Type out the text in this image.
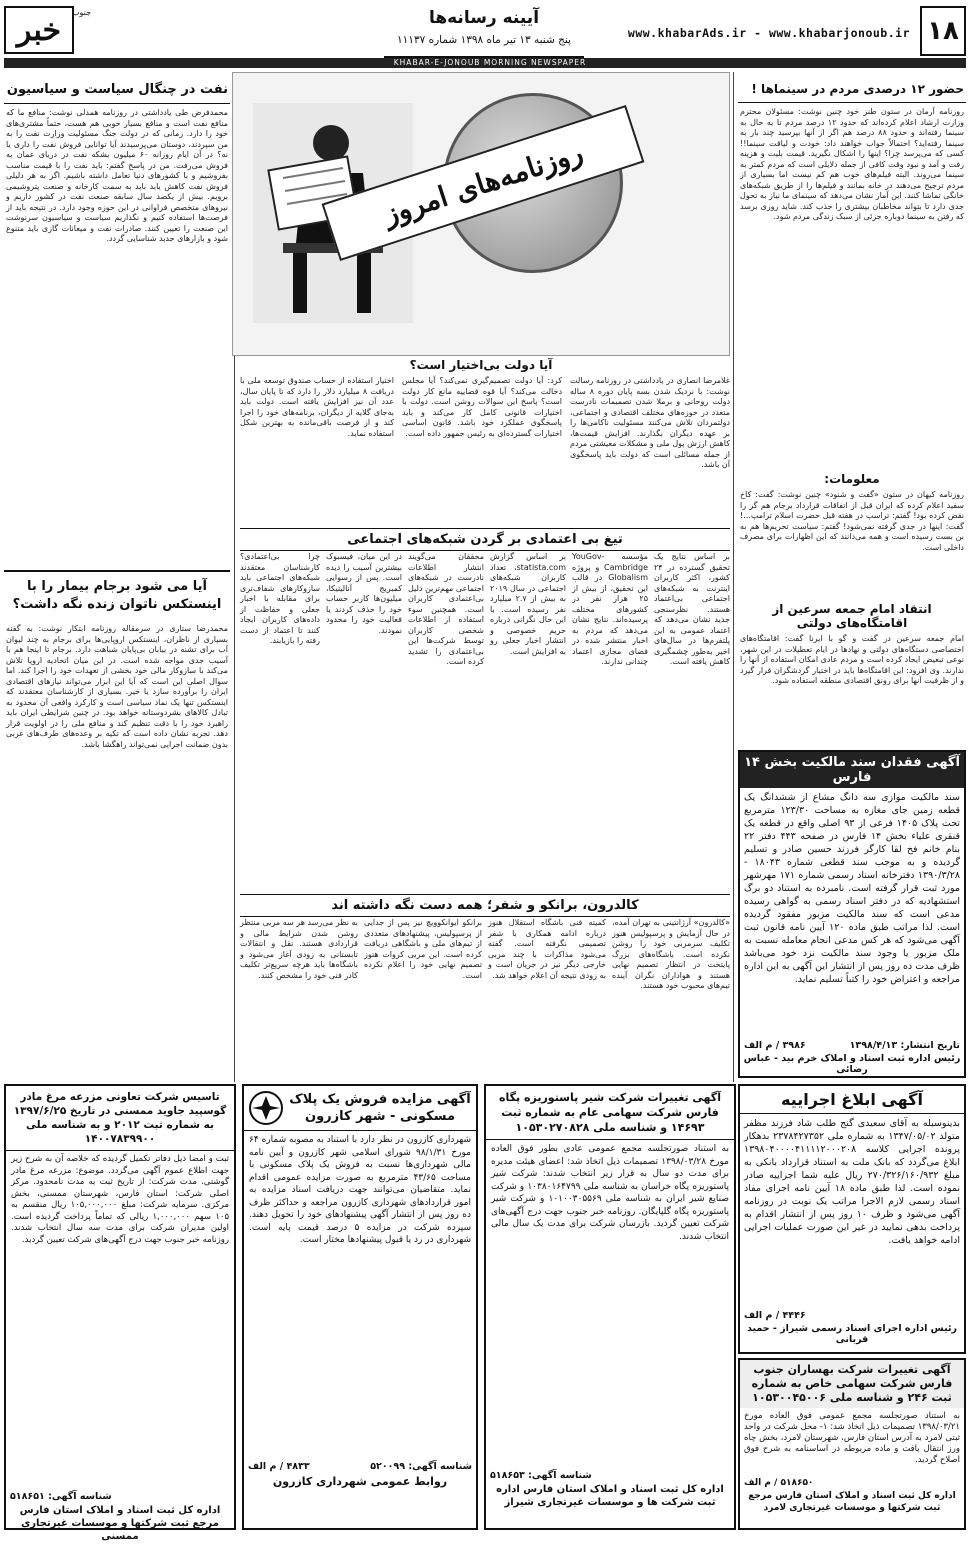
۱۸
www.khabarAds.ir - www.khabarjonoub.ir
آیینه رسانه‌ها
پنج شنبه ۱۳ تیر ماه ۱۳۹۸ شماره ۱۱۱۳۷
خبر	جنوب
KHABAR-E-JONOUB MORNING NEWSPAPER
حضور ۱۲ درصدی مردم در سینماها !
روزنامه آرمان در ستون طنز خود چنین نوشت: مسئولان محترم وزارت ارشاد اعلام کرده‌اند که حدود ۱۲ درصد مردم تا به حال به سینما رفته‌اند و حدود ۸۸ درصد هم اگر از آنها بپرسید چند بار به سینما رفته‌اید؟ احتمالاً جواب خواهند داد: خودت و لیاقت سینما!! کسی که می‌پرسد چرا؟ اینها را اشکال نگیرید. قیمت بلیت و هزینه رفت و آمد و نبود وقت کافی از جمله دلایلی است که مردم کمتر به سینما می‌روند. البته فیلم‌های خوب هم کم نیست اما بسیاری از مردم ترجیح می‌دهند در خانه بمانند و فیلم‌ها را از طریق شبکه‌های خانگی تماشا کنند. این آمار نشان می‌دهد که سینمای ما نیاز به تحول جدی دارد تا بتواند مخاطبان بیشتری را جذب کند. شاید روزی برسد که رفتن به سینما دوباره جزئی از سبک زندگی مردم شود.
معلومات:
روزنامه کیهان در ستون «گفت و شنود» چنین نوشت: گفت: کاخ سفید اعلام کرده که ایران قبل از اتفاقات قرارداد برجام هم گر را نقض کرده بود! گفتم: تراسپ در هفته قبل حضرت اسلام ترامپ...! گفت: اینها در جدی گرفته نمی‌شود! گفتم: سیاست تحریم‌ها هم به بن بست رسیده است و همه می‌دانند که این اظهارات برای مصرف داخلی است.
انتقاد امام جمعه سرعین از اقامتگاه‌های دولتی
امام جمعه سرعین در گفت و گو با ایرنا گفت: اقامتگاه‌های اختصاصی دستگاه‌های دولتی و نهادها در ایام تعطیلات در این شهر، نوعی تبعیض ایجاد کرده است و مردم عادی امکان استفاده از آنها را ندارند. وی افزود: این اقامتگاه‌ها باید در اختیار گردشگران قرار گیرد و از ظرفیت آنها برای رونق اقتصادی منطقه استفاده شود.
آگهی فقدان سند مالکیت بخش ۱۴ فارس
سند مالکیت موازی سه دانگ مشاع از ششدانگ یک قطعه زمین جای مغازه به مساحت ۱۲۳/۳۰ مترمربع تحت پلاک ۱۴۰۵ فرعی از ۹۳ اصلی واقع در قطعه یک قنقری علیاء بخش ۱۴ فارس در صفحه ۴۴۳ دفتر ۲۲ بنام خانم فخ لقا کارگر فرزند حسین صادر و تسلیم گردیده و به موجب سند قطعی شماره ۱۸۰۴۳ - ۱۳۹۰/۳/۲۸ دفترخانه اسناد رسمی شماره ۱۷۱ مهرشهر مورد ثبت قرار گرفته است. نامبرده به استناد دو برگ استشهادیه که در دفتر اسناد رسمی به گواهی رسیده مدعی است که سند مالکیت مزبور مفقود گردیده است. لذا مراتب طبق ماده ۱۲۰ آیین نامه قانون ثبت آگهی می‌شود که هر کس مدعی انجام معامله نسبت به ملک مزبور یا وجود سند مالکیت نزد خود می‌باشد ظرف مدت ده روز پس از انتشار این آگهی به این اداره مراجعه و اعتراض خود را کتباً تسلیم نماید.
تاریخ انتشار: ۱۳۹۸/۴/۱۳
۳۹۸۶ / م الف
رئیس اداره ثبت اسناد و املاک خرم بید - عباس رضائی
آگهی ابلاغ اجراییه
بدینوسیله به آقای سعیدی گنج طلب شاد فرزند مظفر متولد ۱۳۴۷/۰۵/۰۲ به شماره ملی ۲۳۷۸۴۲۷۳۵۲ بدهکار پرونده اجرایی کلاسه ۱۳۹۸۰۴۰۰۰۰۴۱۱۱۱۲۰۰۰۲۰۸ ابلاغ می‌گردد که بانک ملت به استناد قرارداد بانکی به مبلغ ۲۷۰/۳۲۶/۱۶۰/۹۳۲ ریال علیه شما اجراییه صادر نموده است. لذا طبق ماده ۱۸ آیین نامه اجرای مفاد اسناد رسمی لازم الاجرا مراتب یک نوبت در روزنامه آگهی می‌شود و ظرف ۱۰ روز پس از انتشار اقدام به پرداخت بدهی نمایید در غیر این صورت عملیات اجرایی ادامه خواهد یافت.
۴۴۴۶ / م الف
رئیس اداره اجرای اسناد رسمی شیراز - حمید قربانی
آگهی تغییرات شرکت بهساران جنوب فارس شرکت سهامی خاص به شماره ثبت ۲۴۶ و شناسه ملی ۱۰۵۳۰۰۴۵۰۰۶
به استناد صورتجلسه مجمع عمومی فوق العاده مورخ ۱۳۹۸/۰۳/۲۱ تصمیمات ذیل اتخاذ شد: ۱- محل شرکت در واحد ثبتی لامرد به آدرس استان فارس، شهرستان لامرد، بخش چاه ورز انتقال یافت و ماده مربوطه در اساسنامه به شرح فوق اصلاح گردید.
۵۱۸۶۵۰ / م الف
اداره کل ثبت اسناد و املاک استان فارس مرجع ثبت شرکتها و موسسات غیرتجاری لامرد
روزنامه‌های امروز
آیا دولت بی‌اختیار است؟
غلامرضا انصاری در یادداشتی در روزنامه رسالت نوشت: با نزدیک شدن بسه پایان دوره ۸ ساله دولت روحانی و برملا شدن تصمیمات نادرست متعدد در حوزه‌های مختلف اقتصادی و اجتماعی، دولتمردان تلاش می‌کنند مسئولیت ناکامی‌ها را بر عهده دیگران بگذارند. افزایش قیمت‌ها، کاهش ارزش پول ملی و مشکلات معیشتی مردم از جمله مسائلی است که دولت باید پاسخگوی آن باشد.
کرد: آیا دولت تصمیم‌گیری نمی‌کند؟ آیا مجلس دخالت می‌کند؟ آیا قوه قضاییه مانع کار دولت است؟ پاسخ این سوالات روشن است. دولت با اختیارات قانونی کامل کار می‌کند و باید پاسخگوی عملکرد خود باشد. قانون اساسی اختیارات گسترده‌ای به رئیس جمهور داده است.
اختیار استفاده از حساب صندوق توسعه ملی با دریافت ۸ میلیارد دلار را دارد که تا پایان سال، عدد آن نیز افزایش یافته است. دولت باید به‌جای گلایه از دیگران، برنامه‌های خود را اجرا کند و از فرصت باقی‌مانده به بهترین شکل استفاده نماید.
تیغ بی اعتمادی بر گردن شبکه‌های اجتماعی
بر اساس نتایج یک تحقیق گسترده در ۲۴ کشور، اکثر کاربران اینترنت به شبکه‌های اجتماعی بی‌اعتماد هستند. نظرسنجی جدید نشان می‌دهد که اعتماد عمومی به این پلتفرم‌ها در سال‌های اخیر به‌طور چشمگیری کاهش یافته است.
مؤسسه YouGov-Cambridge و پروژه Globalism در قالب این تحقیق، از بیش از ۲۵ هزار نفر در کشورهای مختلف پرسیده‌اند. نتایج نشان می‌دهد که مردم به اخبار منتشر شده در فضای مجازی اعتماد چندانی ندارند.
بر اساس گزارش statista.com، تعداد کاربران شبکه‌های اجتماعی در سال ۲۰۱۹ به بیش از ۲.۷ میلیارد نفر رسیده است. با این حال نگرانی درباره حریم خصوصی و انتشار اخبار جعلی رو به افزایش است.
محققان می‌گویند انتشار اطلاعات نادرست در شبکه‌های اجتماعی مهم‌ترین دلیل بی‌اعتمادی کاربران است. همچنین سوء استفاده از اطلاعات شخصی کاربران توسط شرکت‌ها این بی‌اعتمادی را تشدید کرده است.
در این میان، فیسبوک بیشترین آسیب را دیده است. پس از رسوایی کمبریج آنالیتیکا، میلیون‌ها کاربر حساب خود را حذف کردند یا فعالیت خود را محدود نمودند.
چرا بی‌اعتمادی؟ کارشناسان معتقدند شبکه‌های اجتماعی باید سازوکارهای شفاف‌تری برای مقابله با اخبار جعلی و حفاظت از داده‌های کاربران ایجاد کنند تا اعتماد از دست رفته را بازیابند.
کالدرون، برانکو و شفر؛ همه دست نگه داشته اند
«کالدرون» آرژانتینی به تهران آمده، در حال آزمایش و پرسپولیس هنوز تکلیف سرمربی خود را روشن نکرده است. باشگاه‌های بزرگ پایتخت در انتظار تصمیم نهایی هستند و هواداران نگران آینده تیم‌های محبوب خود هستند.
کمیته فنی باشگاه استقلال هنوز درباره ادامه همکاری با شفر تصمیمی نگرفته است. گفته می‌شود مذاکرات با چند مربی خارجی دیگر نیز در جریان است و به زودی نتیجه آن اعلام خواهد شد.
برانکو ایوانکوویچ نیز پس از جدایی از پرسپولیس، پیشنهادهای متعددی از تیم‌های ملی و باشگاهی دریافت کرده است. این مربی کروات هنوز تصمیم نهایی خود را اعلام نکرده است.
به نظر می‌رسد هر سه مربی منتظر روشن شدن شرایط مالی و قراردادی هستند. نقل و انتقالات تابستانی به زودی آغاز می‌شود و باشگاه‌ها باید هرچه سریع‌تر تکلیف کادر فنی خود را مشخص کنند.
نفت در چنگال سیاست و سیاسیون
محمدفرض طی یادداشتی در روزنامه همدلی نوشت: منافع ما که منافع نفت است و منافع بسیار خوبی هم هست، حتماً مشتری‌های خود را دارد. زمانی که در دولت جنگ مسئولیت وزارت نفت را به من سپردند، دوستان می‌پرسیدند آیا توانایی فروش نفت را داری یا نه؟ در آن ایام روزانه ۶۰ میلیون بشکه نفت در دریای عمان به فروش می‌رفت. من در پاسخ گفتم: باید نفت را با قیمت مناسب بفروشیم و با کشورهای دنیا تعامل داشته باشیم. اگر به هر دلیلی فروش نفت کاهش یابد باید به سمت کارخانه و صنعت پتروشیمی برویم. بیش از یکصد سال سابقه صنعت نفت در کشور داریم و نیروهای متخصص فراوانی در این حوزه وجود دارد. در نتیجه باید از فرصت‌ها استفاده کنیم و نگذاریم سیاست و سیاسیون سرنوشت این صنعت را تعیین کنند. صادرات نفت و میعانات گازی باید متنوع شود و بازارهای جدید شناسایی گردد.
آیا می شود برجام بیمار را با اینستکس ناتوان زنده نگه داشت؟
محمدرضا ستاری در سرمقاله روزنامه ابتکار نوشت: به گفته بسیاری از ناظران، اینستکس اروپایی‌ها برای برجام به چند لیوان آب برای تشنه در بیابان بی‌پایان شباهت دارد. برجام تا اینجا هم با آسیب جدی مواجه شده است. در این میان اتحادیه اروپا تلاش می‌کند با سازوکار مالی خود بخشی از تعهدات خود را اجرا کند. اما سوال اصلی این است که آیا این ابزار می‌تواند نیازهای اقتصادی ایران را برآورده سازد یا خیر. بسیاری از کارشناسان معتقدند که اینستکس تنها یک نماد سیاسی است و کارکرد واقعی آن محدود به تبادل کالاهای بشردوستانه خواهد بود. در چنین شرایطی ایران باید راهبرد خود را با دقت تنظیم کند و منافع ملی را در اولویت قرار دهد. تجربه نشان داده است که تکیه بر وعده‌های طرف‌های غربی بدون ضمانت اجرایی نمی‌تواند راهگشا باشد.
آگهی تغییرات شرکت شیر پاستوریزه پگاه فارس شرکت سهامی عام به شماره ثبت ۱۴۶۹۳ و شناسه ملی ۱۰۵۳۰۲۷۰۸۲۸
به استناد صورتجلسه مجمع عمومی عادی بطور فوق العاده مورخ ۱۳۹۸/۰۳/۲۸ تصمیمات ذیل اتخاذ شد: اعضای هیئت مدیره برای مدت دو سال به قرار زیر انتخاب شدند: شرکت شیر پاستوریزه پگاه خراسان به شناسه ملی ۱۰۳۸۰۱۶۴۷۹۹ و شرکت صنایع شیر ایران به شناسه ملی ۱۰۱۰۰۳۰۵۵۶۹ و شرکت شیر پاستوریزه پگاه گلپایگان. روزنامه خبر جنوب جهت درج آگهی‌های شرکت تعیین گردید. بازرسان شرکت برای مدت یک سال مالی انتخاب شدند.
شناسه آگهی: ۵۱۸۶۵۳
اداره کل ثبت اسناد و املاک استان فارس اداره ثبت شرکت ها و موسسات غیرتجاری شیراز
آگهی مزایده فروش یک پلاک مسکونی - شهر کازرون
شهرداری کازرون در نظر دارد با استناد به مصوبه شماره ۶۴ مورخ ۹۸/۱/۳۱ شورای اسلامی شهر کازرون و آیین نامه مالی شهرداری‌ها نسبت به فروش یک پلاک مسکونی با مساحت ۴۳/۶۵ مترمربع به صورت مزایده عمومی اقدام نماید. متقاضیان می‌توانند جهت دریافت اسناد مزایده به امور قراردادهای شهرداری کازرون مراجعه و حداکثر ظرف ده روز پس از انتشار آگهی پیشنهادهای خود را تحویل دهند. سپرده شرکت در مزایده ۵ درصد قیمت پایه است. شهرداری در رد یا قبول پیشنهادها مختار است.
شناسه آگهی: ۵۲۰۰۹۹
۴۸۳۳ / م الف
روابط عمومی شهرداری کازرون
تاسیس شرکت تعاونی مزرعه مرغ مادر گوسپید جاوید ممسنی در تاریخ ۱۳۹۷/۶/۲۵ به شماره ثبت ۲۰۱۲ و به شناسه ملی ۱۴۰۰۷۸۳۹۹۰۰
ثبت و امضا ذیل دفاتر تکمیل گردیده که خلاصه آن به شرح زیر جهت اطلاع عموم آگهی می‌گردد. موضوع: مزرعه مرغ مادر گوشتی. مدت شرکت: از تاریخ ثبت به مدت نامحدود. مرکز اصلی شرکت: استان فارس، شهرستان ممسنی، بخش مرکزی. سرمایه شرکت: مبلغ ۱۰۵,۰۰۰,۰۰۰ ریال منقسم به ۱۰۵ سهم ۱,۰۰۰,۰۰۰ ریالی که تماماً پرداخت گردیده است. اولین مدیران شرکت برای مدت سه سال انتخاب شدند. روزنامه خبر جنوب جهت درج آگهی‌های شرکت تعیین گردید.
شناسه آگهی: ۵۱۸۶۵۱
اداره کل ثبت اسناد و املاک استان فارس مرجع ثبت شرکتها و موسسات غیرتجاری ممسنی
